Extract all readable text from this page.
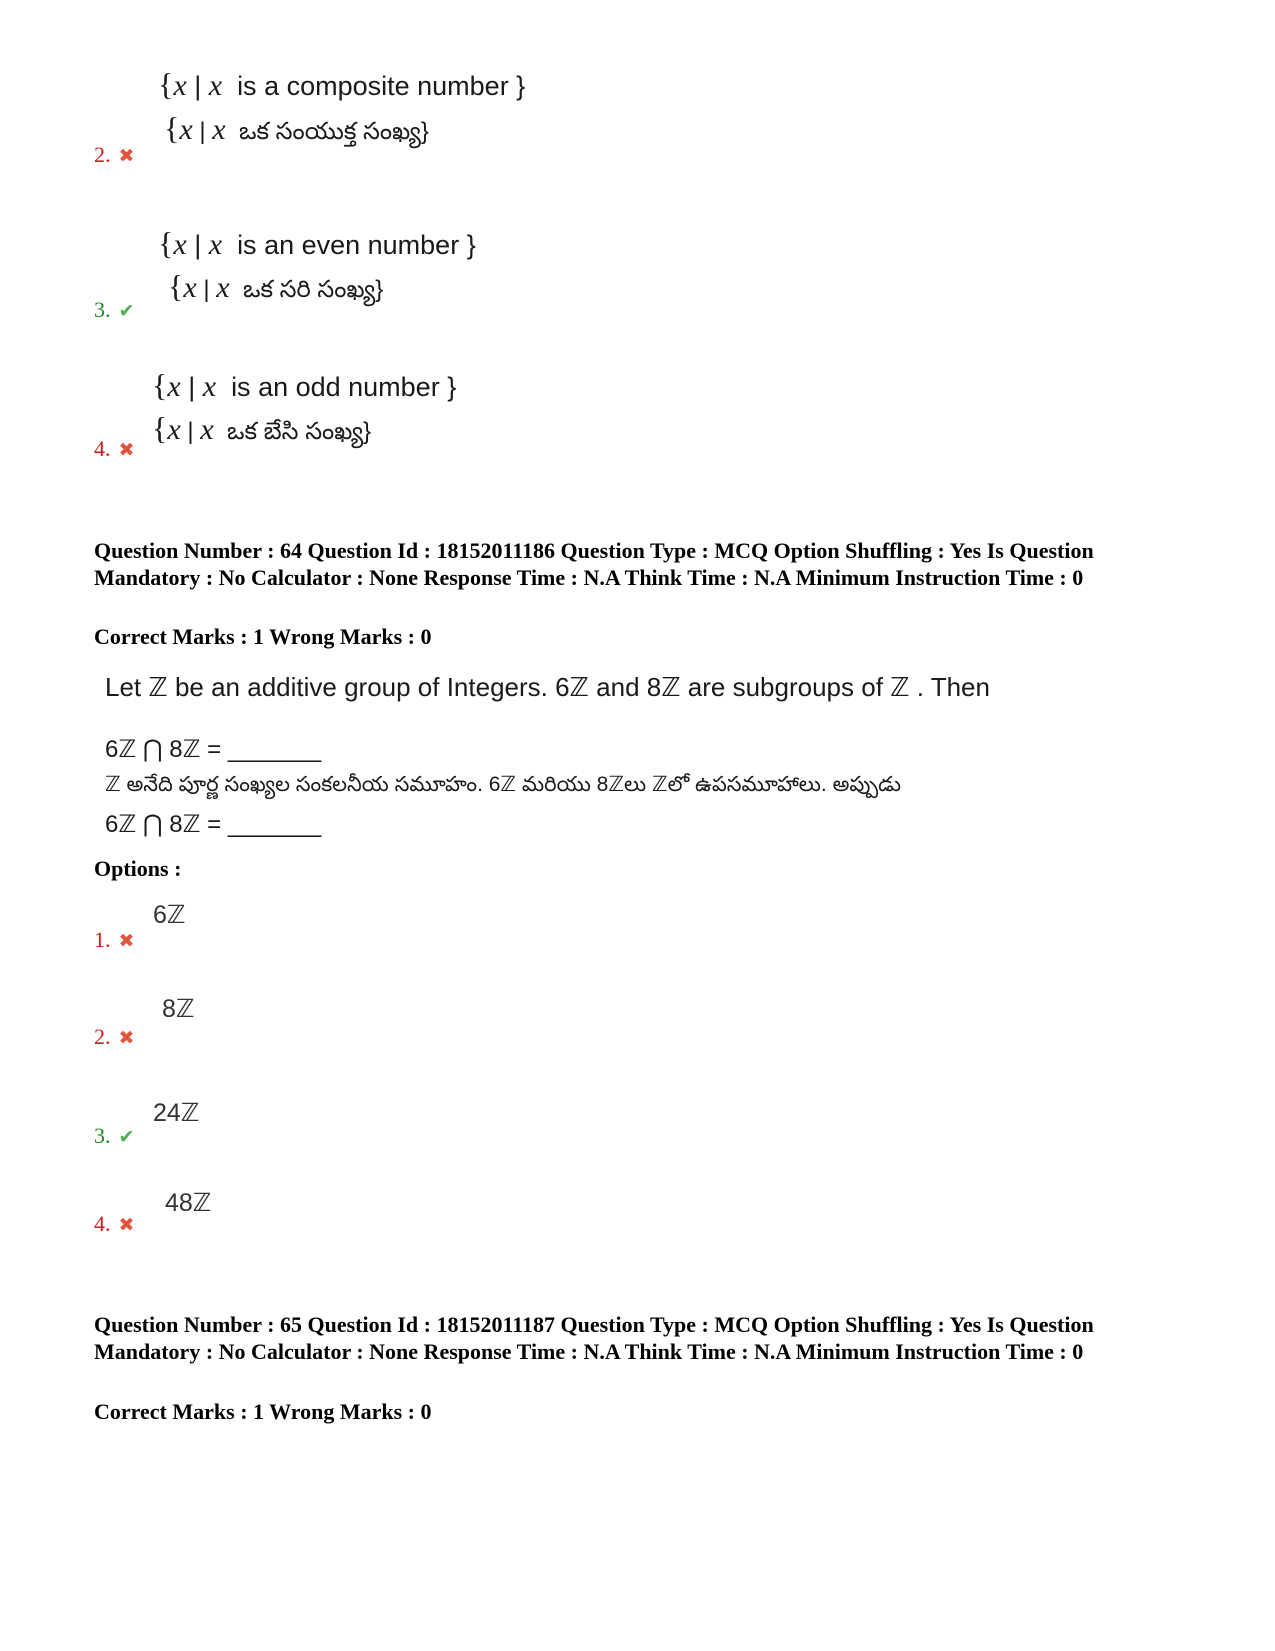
{x | x is a composite number }
{x | x ఒక సంయుక్త సంఖ్య}
2. ✖
{x | x is an even number }
{x | x ఒక సరి సంఖ్య}
3. ✔
{x | x is an odd number }
{x | x ఒక బేసి సంఖ్య}
4. ✖
Question Number : 64 Question Id : 18152011186 Question Type : MCQ Option Shuffling : Yes Is Question Mandatory : No Calculator : None Response Time : N.A Think Time : N.A Minimum Instruction Time : 0
Correct Marks : 1 Wrong Marks : 0
Let ℤ be an additive group of Integers. 6ℤ and 8ℤ are subgroups of ℤ . Then
6ℤ ⋂ 8ℤ = _______
ℤ అనేది పూర్ణ సంఖ్యల సంకలనీయ సమూహం. 6ℤ మరియు 8ℤలు ℤలో ఉపసమూహాలు. అప్పుడు
6ℤ ⋂ 8ℤ = _______
Options :
6ℤ
1. ✖
8ℤ
2. ✖
24ℤ
3. ✔
48ℤ
4. ✖
Question Number : 65 Question Id : 18152011187 Question Type : MCQ Option Shuffling : Yes Is Question Mandatory : No Calculator : None Response Time : N.A Think Time : N.A Minimum Instruction Time : 0
Correct Marks : 1 Wrong Marks : 0
